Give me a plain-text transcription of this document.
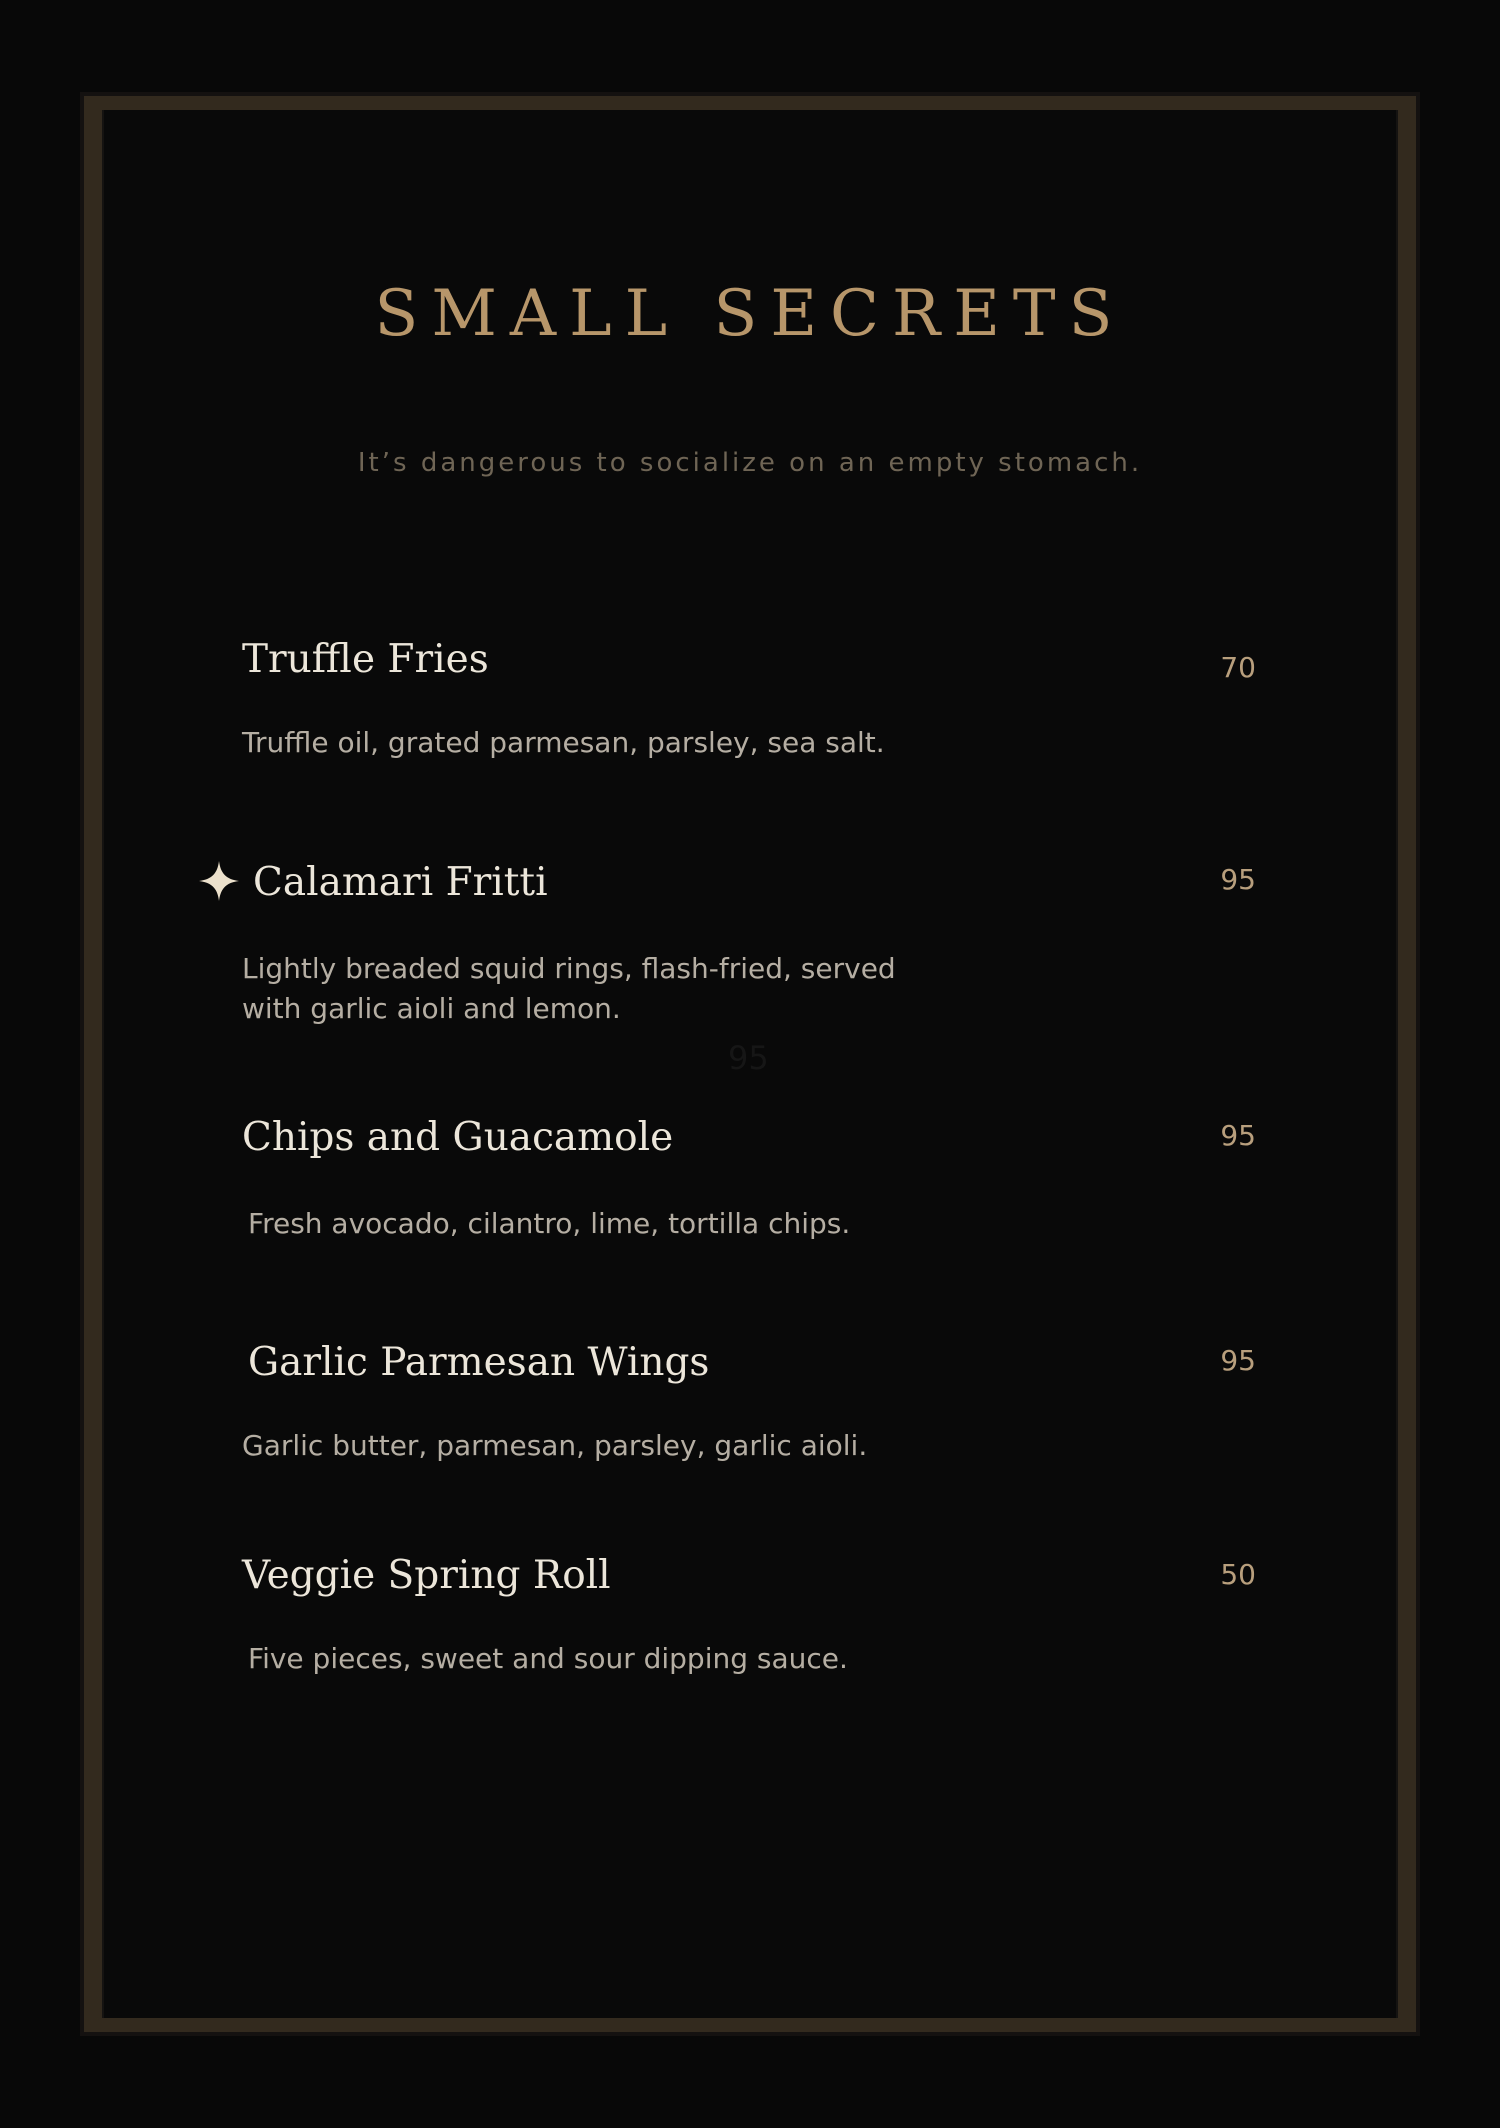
SMALL SECRETS
It’s dangerous to socialize on an empty stomach.
Truffle Fries	70
Truffle oil, grated parmesan, parsley, sea salt.
Calamari Fritti	95
Lightly breaded squid rings, flash-fried, served with garlic aioli and lemon.
95
Chips and Guacamole	95
Fresh avocado, cilantro, lime, tortilla chips.
Garlic Parmesan Wings	95
Garlic butter, parmesan, parsley, garlic aioli.
Veggie Spring Roll	50
Five pieces, sweet and sour dipping sauce.
